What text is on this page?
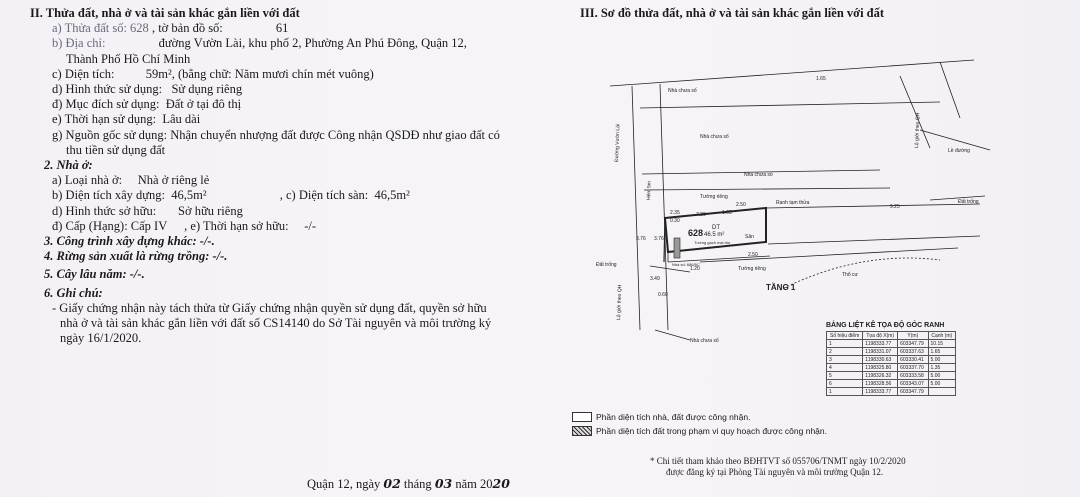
II. Thửa đất, nhà ở và tài sản khác gắn liền với đất
a) Thửa đất số: 628 , tờ bản đồ số:	61
b) Địa chỉ:	đường Vườn Lài, khu phố 2, Phường An Phú Đông, Quận 12,
Thành Phố Hồ Chí Minh
c) Diện tích:          59m², (bằng chữ: Năm mươi chín mét vuông)
d) Hình thức sử dụng:   Sử dụng riêng
đ) Mục đích sử dụng:  Đất ở tại đô thị
e) Thời hạn sử dụng:  Lâu dài
g) Nguồn gốc sử dụng: Nhận chuyển nhượng đất được Công nhận QSDĐ như giao đất có
thu tiền sử dụng đất
2. Nhà ở:
a) Loại nhà ở:     Nhà ở riêng lẻ
b) Diện tích xây dựng:  46,5m²	, c) Diện tích sàn:  46,5m²
d) Hình thức sở hữu:       Sở hữu riêng
đ) Cấp (Hạng): Cấp IV , e) Thời hạn sở hữu:     -/-
3. Công trình xây dựng khác: -/-.
4. Rừng sản xuất là rừng trồng: -/-.
5. Cây lâu năm: -/-.
6. Ghi chú:
- Giấy chứng nhận này tách thửa từ Giấy chứng nhận quyền sử dụng đất, quyền sở hữu
nhà ở và tài sản khác gắn liền với đất số CS14140 do Sở Tài nguyên và môi trường ký
ngày 16/1/2020.
Quận 12, ngày 02 tháng 03 năm 2020
III. Sơ đồ thửa đất, nhà ở và tài sản khác gắn liền với đất
Nhà chưa số
Nhà chưa số
Nhà chưa số
Nhà chưa số
Tường riêng
Tường riêng
Ranh tạm thửa
Sân
Tường gạch mái tôn
Nhà số: 686/5C
Đất trống
Thổ cư
Lề đường
Đất trống
628 DT
46.5 m²
TẦNG 1
Đường Vườn Lài
Hẻm 5m
Lộ giới theo QH
Lộ giới theo QH
3.76
2.35	7.20	1.65
2.50
0.30
3.76
3.49
0.60
1.20
2.50
9.25
1.65
BẢNG LIỆT KÊ TỌA ĐỘ GÓC RANH
Số hiệu điểm	Tọa độ X(m)	Y(m)	Cạnh (m)
1	1198333.77	603347.79	10.15
2	1198331.07	603337.63	1.65
3	1198330.63	603330.41	5.00
4	1198325.80	603337.70	1.35
5	1198326.32	603333.58	5.00
6	1198328.56	603343.07	5.00
1	1198333.77	603347.79	
Phần diện tích nhà, đất được công nhận.
Phần diện tích đất trong phạm vi quy hoạch được công nhận.
* Chi tiết tham khảo theo BĐHTVT số 055706/TNMT ngày 10/2/2020
được đăng ký tại Phòng Tài nguyên và môi trường Quận 12.
